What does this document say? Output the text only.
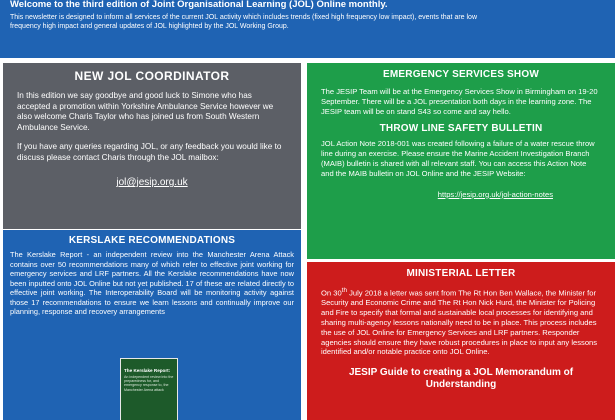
Welcome to the third edition of Joint Organisational Learning (JOL) Online monthly.
This newsletter is designed to inform all services of the current JOL activity which includes trends (fixed high frequency low impact), events that are low frequency high impact and general updates of JOL highlighted by the JOL Working Group.
NEW JOL COORDINATOR

In this edition we say goodbye and good luck to Simone who has accepted a promotion within Yorkshire Ambulance Service however we also welcome Charis Taylor who has joined us from South Western Ambulance Service.

If you have any queries regarding JOL, or any feedback you would like to discuss please contact Charis through the JOL mailbox:

jol@jesip.org.uk
KERSLAKE RECOMMENDATIONS

The Kerslake Report - an independent review into the Manchester Arena Attack contains over 50 recommendations many of which refer to effective joint working for emergency services and LRF partners. All the Kerslake recommendations have now been inputted onto JOL Online but not yet published. 17 of these are related directly to effective joint working. The Interoperability Board will be monitoring activity against those 17 recommendations to ensure we learn lessons and continually improve our planning, response and recovery arrangements

The Kerslake Report:
An independent review into the preparedness for, and emergency response to, the Manchester Arena attack
EMERGENCY SERVICES SHOW

The JESIP Team will be at the Emergency Services Show in Birmingham on 19-20 September. There will be a JOL presentation both days in the learning zone. The JESIP team will be on stand S43 so come and say hello.

THROW LINE SAFETY BULLETIN

JOL Action Note 2018-001 was created following a failure of a water rescue throw line during an exercise. Please ensure the Marine Accident Investigation Branch (MAIB) bulletin is shared with all relevant staff. You can access this Action Note and the MAIB bulletin on JOL Online and the JESIP Website:

https://jesip.org.uk/jol-action-notes
MINISTERIAL LETTER

On 30th July 2018 a letter was sent from The Rt Hon Ben Wallace, the Minister for Security and Economic Crime and The Rt Hon Nick Hurd, the Minister for Policing and Fire to specify that formal and sustainable local processes for identifying and sharing multi-agency lessons nationally need to be in place. This process includes the use of JOL Online for Emergency Services and LRF partners. Responder agencies should ensure they have robust procedures in place to input any lessons identified and/or notable practice onto JOL Online.

JESIP Guide to creating a JOL Memorandum of Understanding
